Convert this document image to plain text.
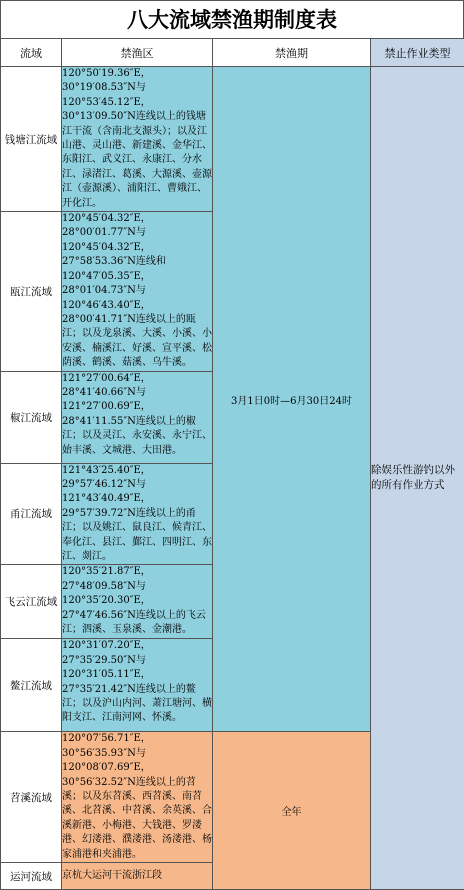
八大流域禁渔期制度表
流域	禁渔区	禁渔期	禁止作业类型
钱塘江流域	120°50′19.36″E，30°19′08.53″N与120°53′45.12″E，30°13′09.50″N连线以上的钱塘江干流（含南北支源头）；以及江山港、灵山港、新建溪、金华江、东阳江、武义江、永康江、分水江、渌渚江、葛溪、大源溪、壶源江（壶源溪）、浦阳江、曹娥江、开化江。	3月1日0时—6月30日24时	除娱乐性游钓以外的所有作业方式
瓯江流域	120°45′04.32″E，28°00′01.77″N与120°45′04.32″E，27°58′53.36″N连线和120°47′05.35″E，28°01′04.73″N与120°46′43.40″E，28°00′41.71″N连线以上的瓯江；以及龙泉溪、大溪、小溪、小安溪、楠溪江、好溪、宣平溪、松荫溪、鹤溪、菇溪、乌牛溪。		
椒江流域	121°27′00.64″E，28°41′40.66″N与121°27′00.69″E，28°41′11.55″N连线以上的椒江；以及灵江、永安溪、永宁江、始丰溪、文城港、大田港。		
甬江流域	121°43′25.40″E，29°57′46.12″N与121°43′40.49″E，29°57′39.72″N连线以上的甬江；以及姚江、鼠良江、候青江、奉化江、县江、鄞江、四明江、东江、剡江。		
飞云江流域	120°35′21.87″E，27°48′09.58″N与120°35′20.30″E，27°47′46.56″N连线以上的飞云江；泗溪、玉泉溪、金潮港。		
鳌江流域	120°31′07.20″E，27°35′29.50″N与120°31′05.11″E，27°35′21.42″N连线以上的鳌江；以及沪山内河、萧江塘河、横阳支江、江南河网、怀溪。		
苕溪流域	120°07′56.71″E，30°56′35.93″N与120°08′07.69″E，30°56′32.52″N连线以上的苕溪；以及东苕溪、西苕溪、南苕溪、北苕溪、中苕溪、余英溪、合溪新港、小梅港、大钱港、罗溇港、幻溇港、濮溇港、汤溇港、杨家浦港和夹浦港。	全年	
运河流域	京杭大运河干流浙江段		
